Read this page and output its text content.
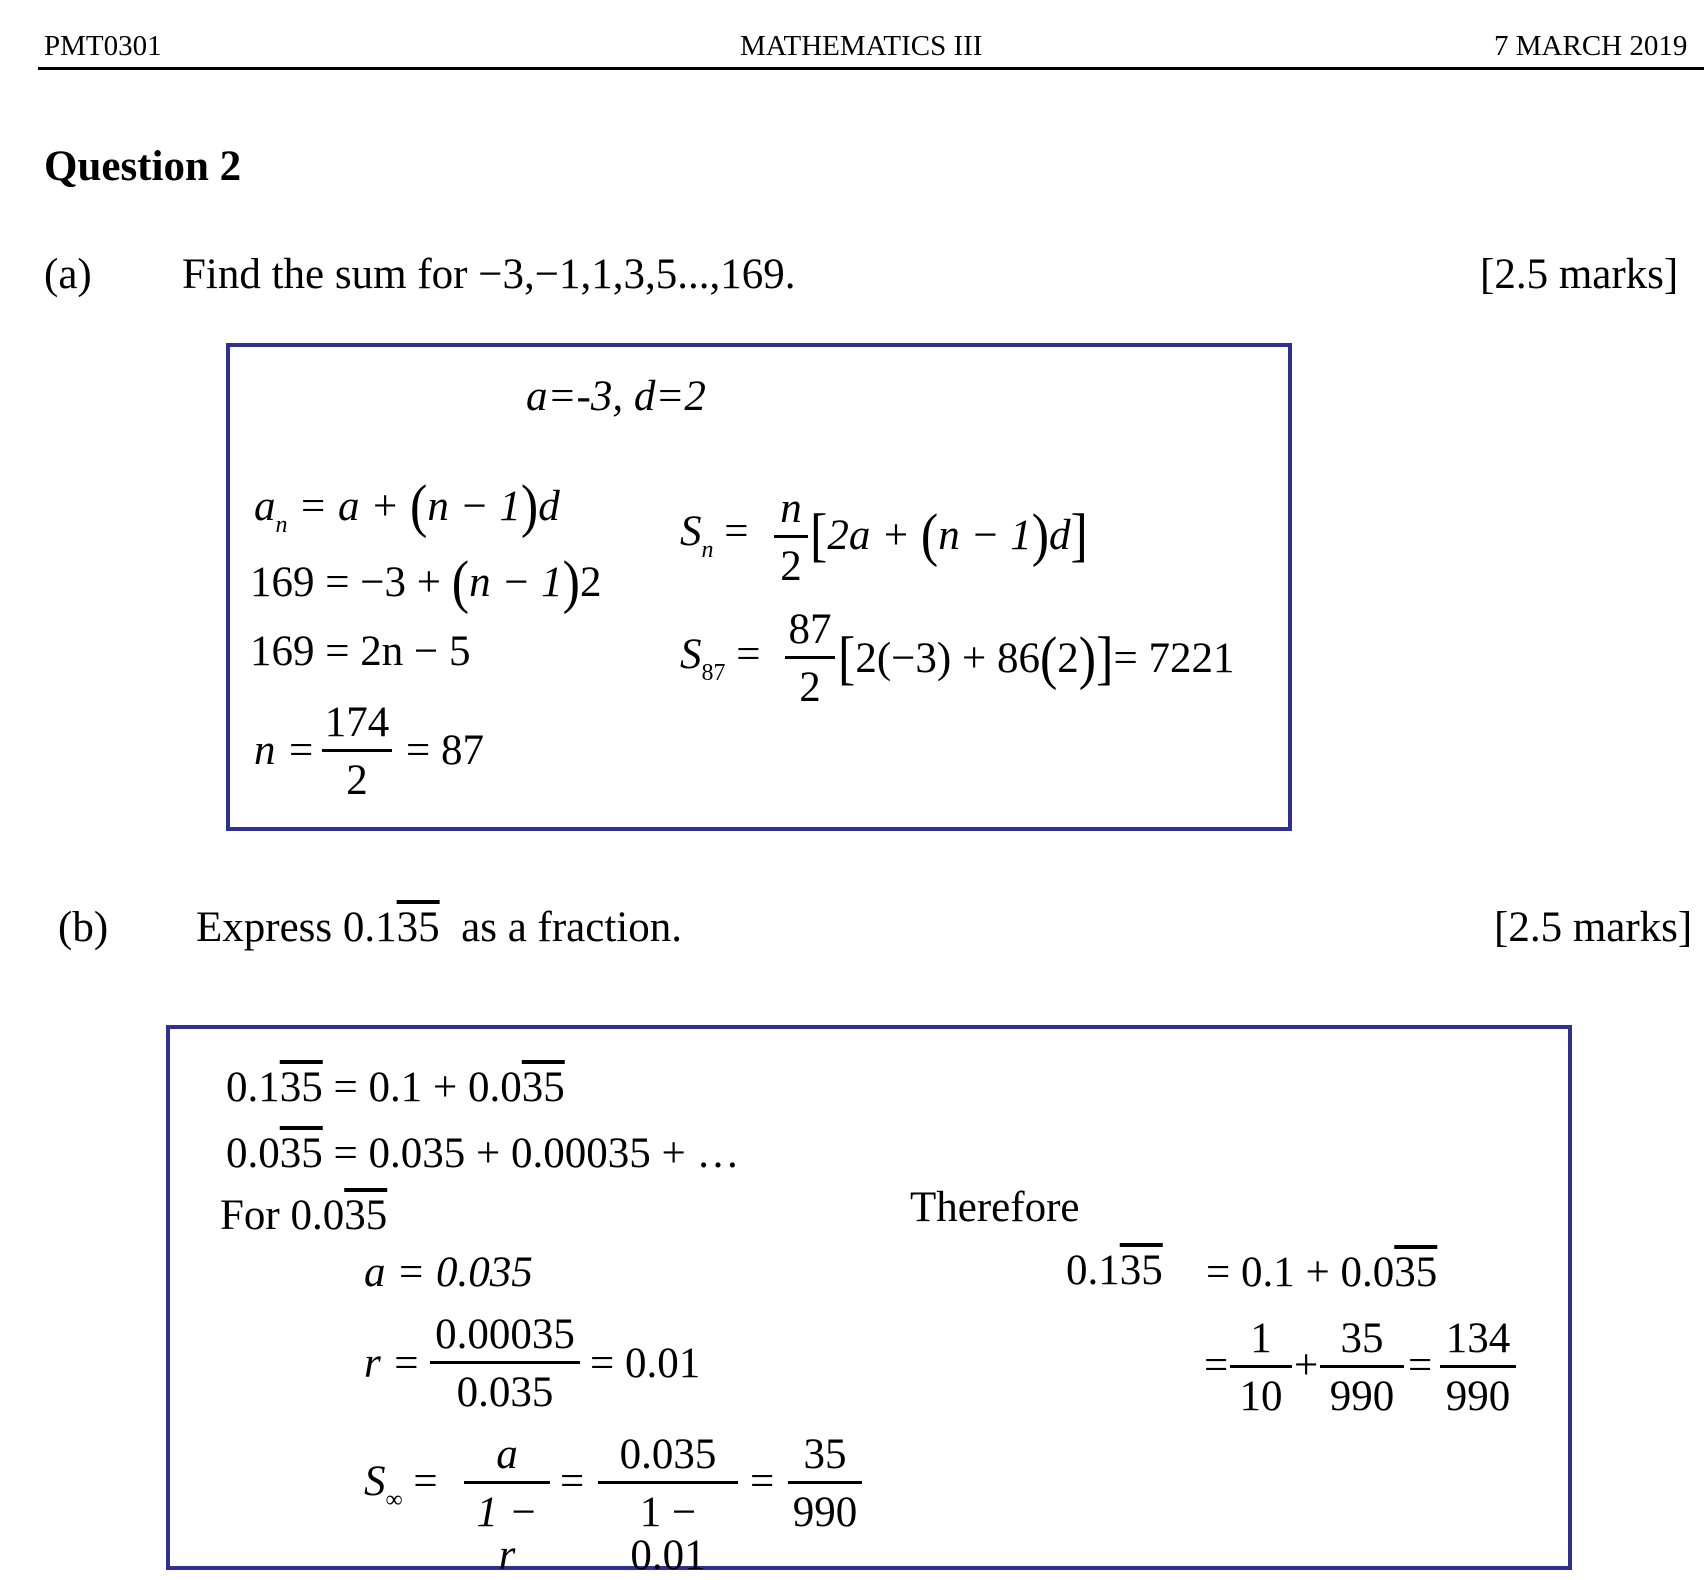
PMT0301	MATHEMATICS III	7 MARCH 2019
Question 2
(a) Find the sum for −3,−1,1,3,5...,169.	[2.5 marks]
a=-3, d=2
$a_n = a + (n - 1)d$
169 = −3 + (n − 1)2
169 = 2n − 5
n =
174
2
= 87
$S_n = n$
2 [2a + (n − 1)d]
$S_{87}$ =
87
2 [2(−3) + 86(2)]= 7221
(b) Express 0.135 as a fraction.	[2.5 marks]
0.135 = 0.1 + 0.035
0.035 = 0.035 + 0.00035 + …
For 0.035
a = 0.035
r =
0.00035
0.035
= 0.01
$S_\infty$ =
a
1 − r
=
0.035
1 − 0.01
=
35
990
Therefore
0.135 = 0.1 + 0.035
=
1
10
+
35
990
=
134
990
